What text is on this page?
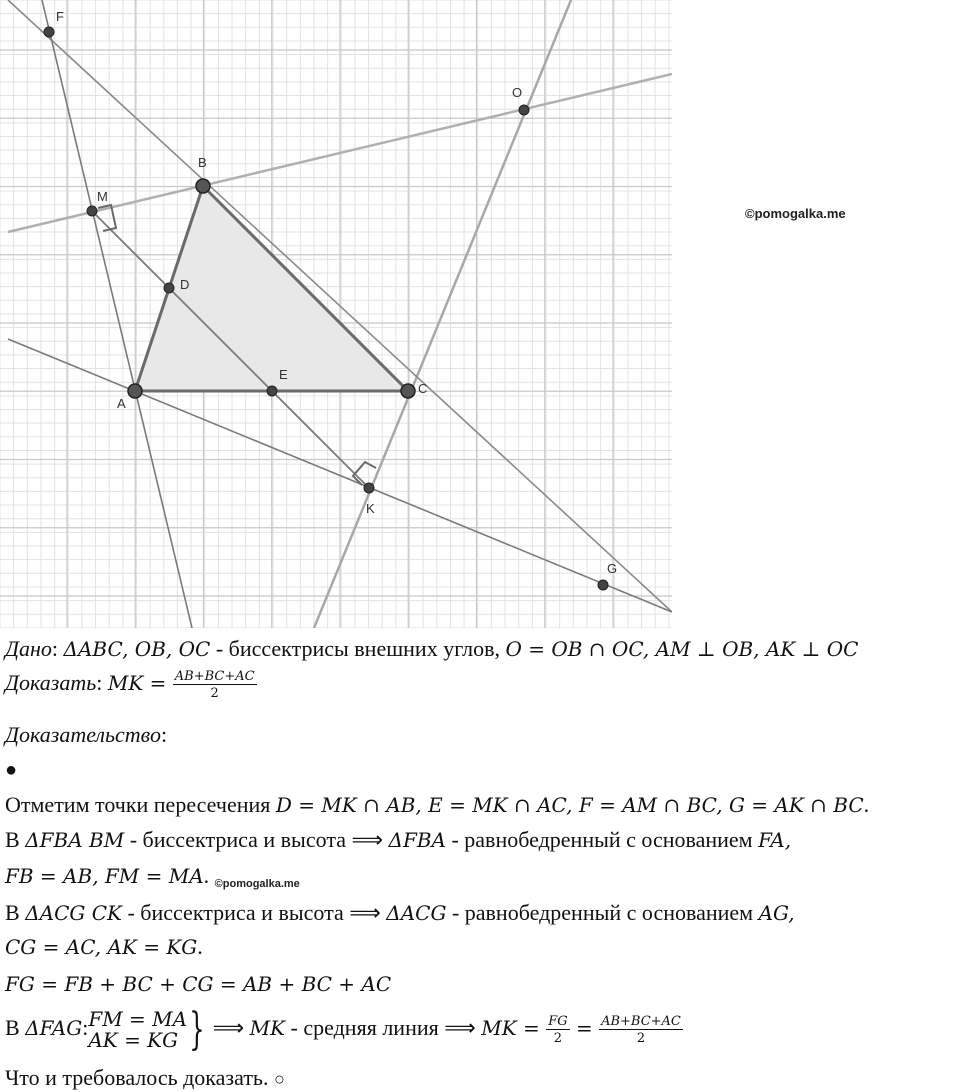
F
O
B
M
D
E
A
C
K
G
©pomogalka.me
Дано: ΔABC, OB, OC - биссектрисы внешних углов, O = OB ∩ OC, AM ⊥ OB, AK ⊥ OC
Доказать: MK = $\frac{AB+BC+AC}{2}$
Доказательство:
●
Отметим точки пересечения D = MK ∩ AB, E = MK ∩ AC, F = AM ∩ BC, G = AK ∩ BC.
В ΔFBA BM - биссектриса и высота ⟹ ΔFBA - равнобедренный с основанием FA,
FB = AB, FM = MA. ©pomogalka.me
В ΔACG CK - биссектриса и высота ⟹ ΔACG - равнобедренный с основанием AG,
CG = AC, AK = KG.
FG = FB + BC + CG = AB + BC + AC
В ΔFAG: FM = MA
AK = KG } ⟹ MK - средняя линия ⟹ MK = $\frac{FG}{2} = \frac{AB+BC+AC}{2}$
Что и требовалось доказать. ○
